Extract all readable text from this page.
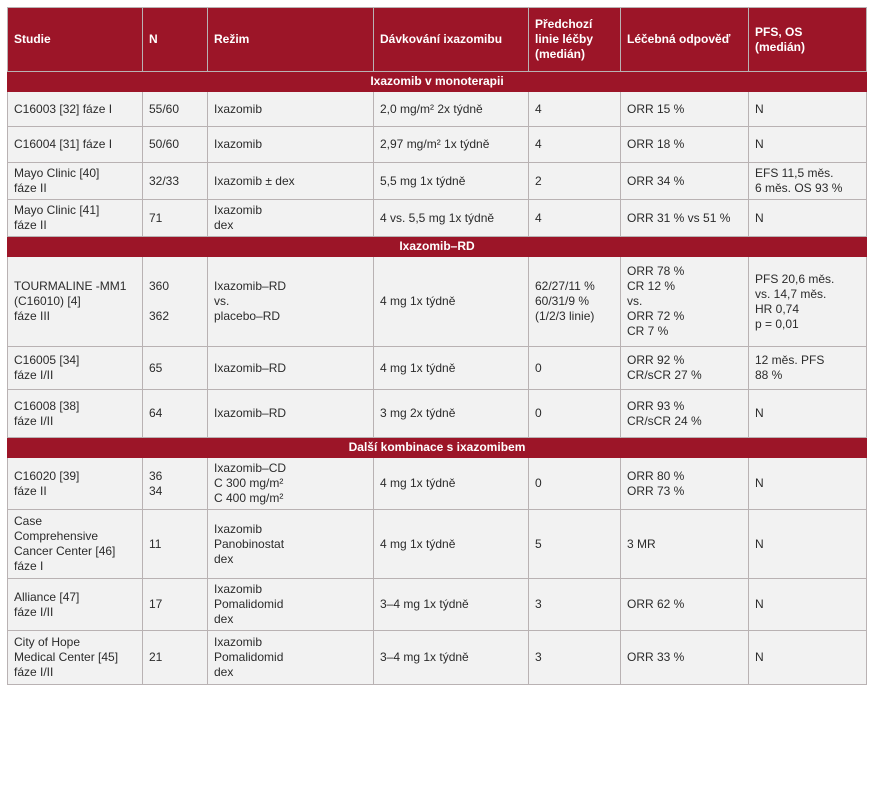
Studie	N	Režim	Dávkování ixazomibu	Předchozí
linie léčby
(medián)	Léčebná odpověď	PFS, OS
(medián)
Ixazomib v monoterapii						
C16003 [32] fáze I	55/60	Ixazomib	2,0 mg/m² 2x týdně	4	ORR 15 %	N
C16004 [31] fáze I	50/60	Ixazomib	2,97 mg/m² 1x týdně	4	ORR 18 %	N
Mayo Clinic [40]
fáze II	32/33	Ixazomib ± dex	5,5 mg 1x týdně	2	ORR 34 %	EFS 11,5 měs.
6 měs. OS 93 %
Mayo Clinic [41]
fáze II	71	Ixazomib
dex	4 vs. 5,5 mg 1x týdně	4	ORR 31 % vs 51 %	N
Ixazomib–RD						
TOURMALINE -MM1
(C16010) [4]
fáze III	360

362	Ixazomib–RD
vs.
placebo–RD	4 mg 1x týdně	62/27/11 %
60/31/9 %
(1/2/3 linie)	ORR 78 %
CR 12 %
vs.
ORR 72 %
CR 7 %	PFS 20,6 měs.
vs. 14,7 měs.
HR 0,74
p = 0,01
C16005 [34]
fáze I/II	65	Ixazomib–RD	4 mg 1x týdně	0	ORR 92 %
CR/sCR 27 %	12 měs. PFS
88 %
C16008 [38]
fáze I/II	64	Ixazomib–RD	3 mg 2x týdně	0	ORR 93 %
CR/sCR 24 %	N
Další kombinace s ixazomibem						
C16020 [39]
fáze II	36
34	Ixazomib–CD
C 300 mg/m²
C 400 mg/m²	4 mg 1x týdně	0	ORR 80 %
ORR 73 %	N
Case
Comprehensive
Cancer Center [46]
fáze I	11	Ixazomib
Panobinostat
dex	4 mg 1x týdně	5	3 MR	N
Alliance [47]
fáze I/II	17	Ixazomib
Pomalidomid
dex	3–4 mg 1x týdně	3	ORR 62 %	N
City of Hope
Medical Center [45]
fáze I/II	21	Ixazomib
Pomalidomid
dex	3–4 mg 1x týdně	3	ORR 33 %	N
